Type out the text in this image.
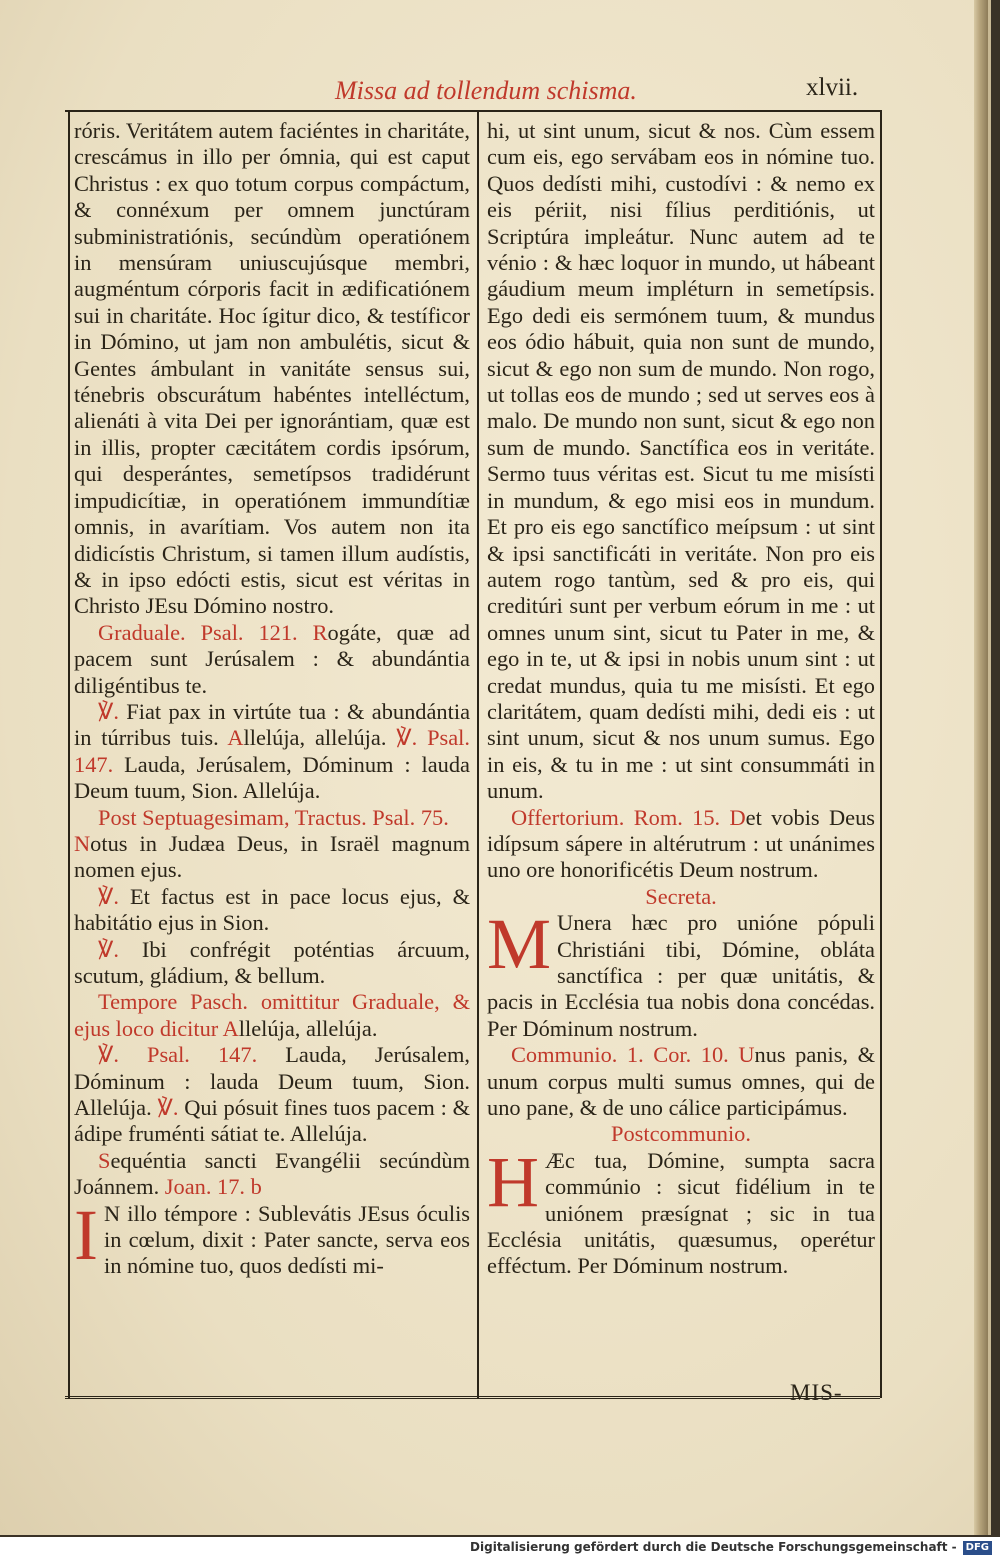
Missa ad tollendum schisma.	xlvii.

róris. Veritátem autem faciéntes in charitáte, crescámus in illo per ómnia, qui est caput Christus : ex quo totum corpus compáctum, & connéxum per omnem junctúram subministratiónis, secúndùm operatiónem in mensúram uniuscujúsque membri, augméntum córporis facit in ædificatiónem sui in charitáte. Hoc ígitur dico, & testíficor in Dómino, ut jam non ambulétis, sicut & Gentes ámbulant in vanitáte sensus sui, ténebris obscurátum habéntes intelléctum, alienáti à vita Dei per ignorántiam, quæ est in illis, propter cæcitátem cordis ipsórum, qui desperántes, semetípsos tradidérunt impudicítiæ, in operatiónem immundítiæ omnis, in avarítiam. Vos autem non ita didicístis Christum, si tamen illum audístis, & in ipso edócti estis, sicut est véritas in Christo JEsu Dómino nostro.

Graduale. Psal. 121. Rogáte, quæ ad pacem sunt Jerúsalem : & abundántia diligéntibus te.

℣. Fiat pax in virtúte tua : & abundántia in túrribus tuis. Allelúja, allelúja. ℣. Psal. 147. Lauda, Jerúsalem, Dóminum : lauda Deum tuum, Sion. Allelúja.

Post Septuagesimam, Tractus. Psal. 75.

Notus in Judæa Deus, in Israël magnum nomen ejus.

℣. Et factus est in pace locus ejus, & habitátio ejus in Sion.

℣. Ibi confrégit poténtias árcuum, scutum, gládium, & bellum.

Tempore Pasch. omittitur Graduale, & ejus loco dicitur Allelúja, allelúja.

℣. Psal. 147. Lauda, Jerúsalem, Dóminum : lauda Deum tuum, Sion. Allelúja. ℣. Qui pósuit fines tuos pacem : & ádipe fruménti sátiat te. Allelúja.

Sequéntia sancti Evangélii secúndùm Joánnem. Joan. 17. b

I N illo témpore : Sublevátis JEsus óculis in cœlum, dixit : Pater sancte, serva eos in nómine tuo, quos dedísti mi-

hi, ut sint unum, sicut & nos. Cùm essem cum eis, ego servábam eos in nómine tuo. Quos dedísti mihi, custodívi : & nemo ex eis périit, nisi fílius perditiónis, ut Scriptúra impleátur. Nunc autem ad te vénio : & hæc loquor in mundo, ut hábeant gáudium meum impléturn in semetípsis. Ego dedi eis sermónem tuum, & mundus eos ódio hábuit, quia non sunt de mundo, sicut & ego non sum de mundo. Non rogo, ut tollas eos de mundo ; sed ut serves eos à malo. De mundo non sunt, sicut & ego non sum de mundo. Sanctífica eos in veritáte. Sermo tuus véritas est. Sicut tu me misísti in mundum, & ego misi eos in mundum. Et pro eis ego sanctífico meípsum : ut sint & ipsi sanctificáti in veritáte. Non pro eis autem rogo tantùm, sed & pro eis, qui creditúri sunt per verbum eórum in me : ut omnes unum sint, sicut tu Pater in me, & ego in te, ut & ipsi in nobis unum sint : ut credat mundus, quia tu me misísti. Et ego claritátem, quam dedísti mihi, dedi eis : ut sint unum, sicut & nos unum sumus. Ego in eis, & tu in me : ut sint consummáti in unum.

Offertorium. Rom. 15. Det vobis Deus idípsum sápere in altérutrum : ut unánimes uno ore honorificétis Deum nostrum.

Secreta.

M Unera hæc pro unióne pópuli Christiáni tibi, Dómine, obláta sanctífica : per quæ unitátis, & pacis in Ecclésia tua nobis dona concédas. Per Dóminum nostrum.

Communio. 1. Cor. 10. Unus panis, & unum corpus multi sumus omnes, qui de uno pane, & de uno cálice participámus.

Postcommunio.

H Æc tua, Dómine, sumpta sacra commúnio : sicut fidélium in te uniónem præsígnat ; sic in tua Ecclésia unitátis, quæsumus, operétur efféctum. Per Dóminum nostrum.

MIS-
Digitalisierung gefördert durch die Deutsche Forschungsgemeinschaft - DFG
